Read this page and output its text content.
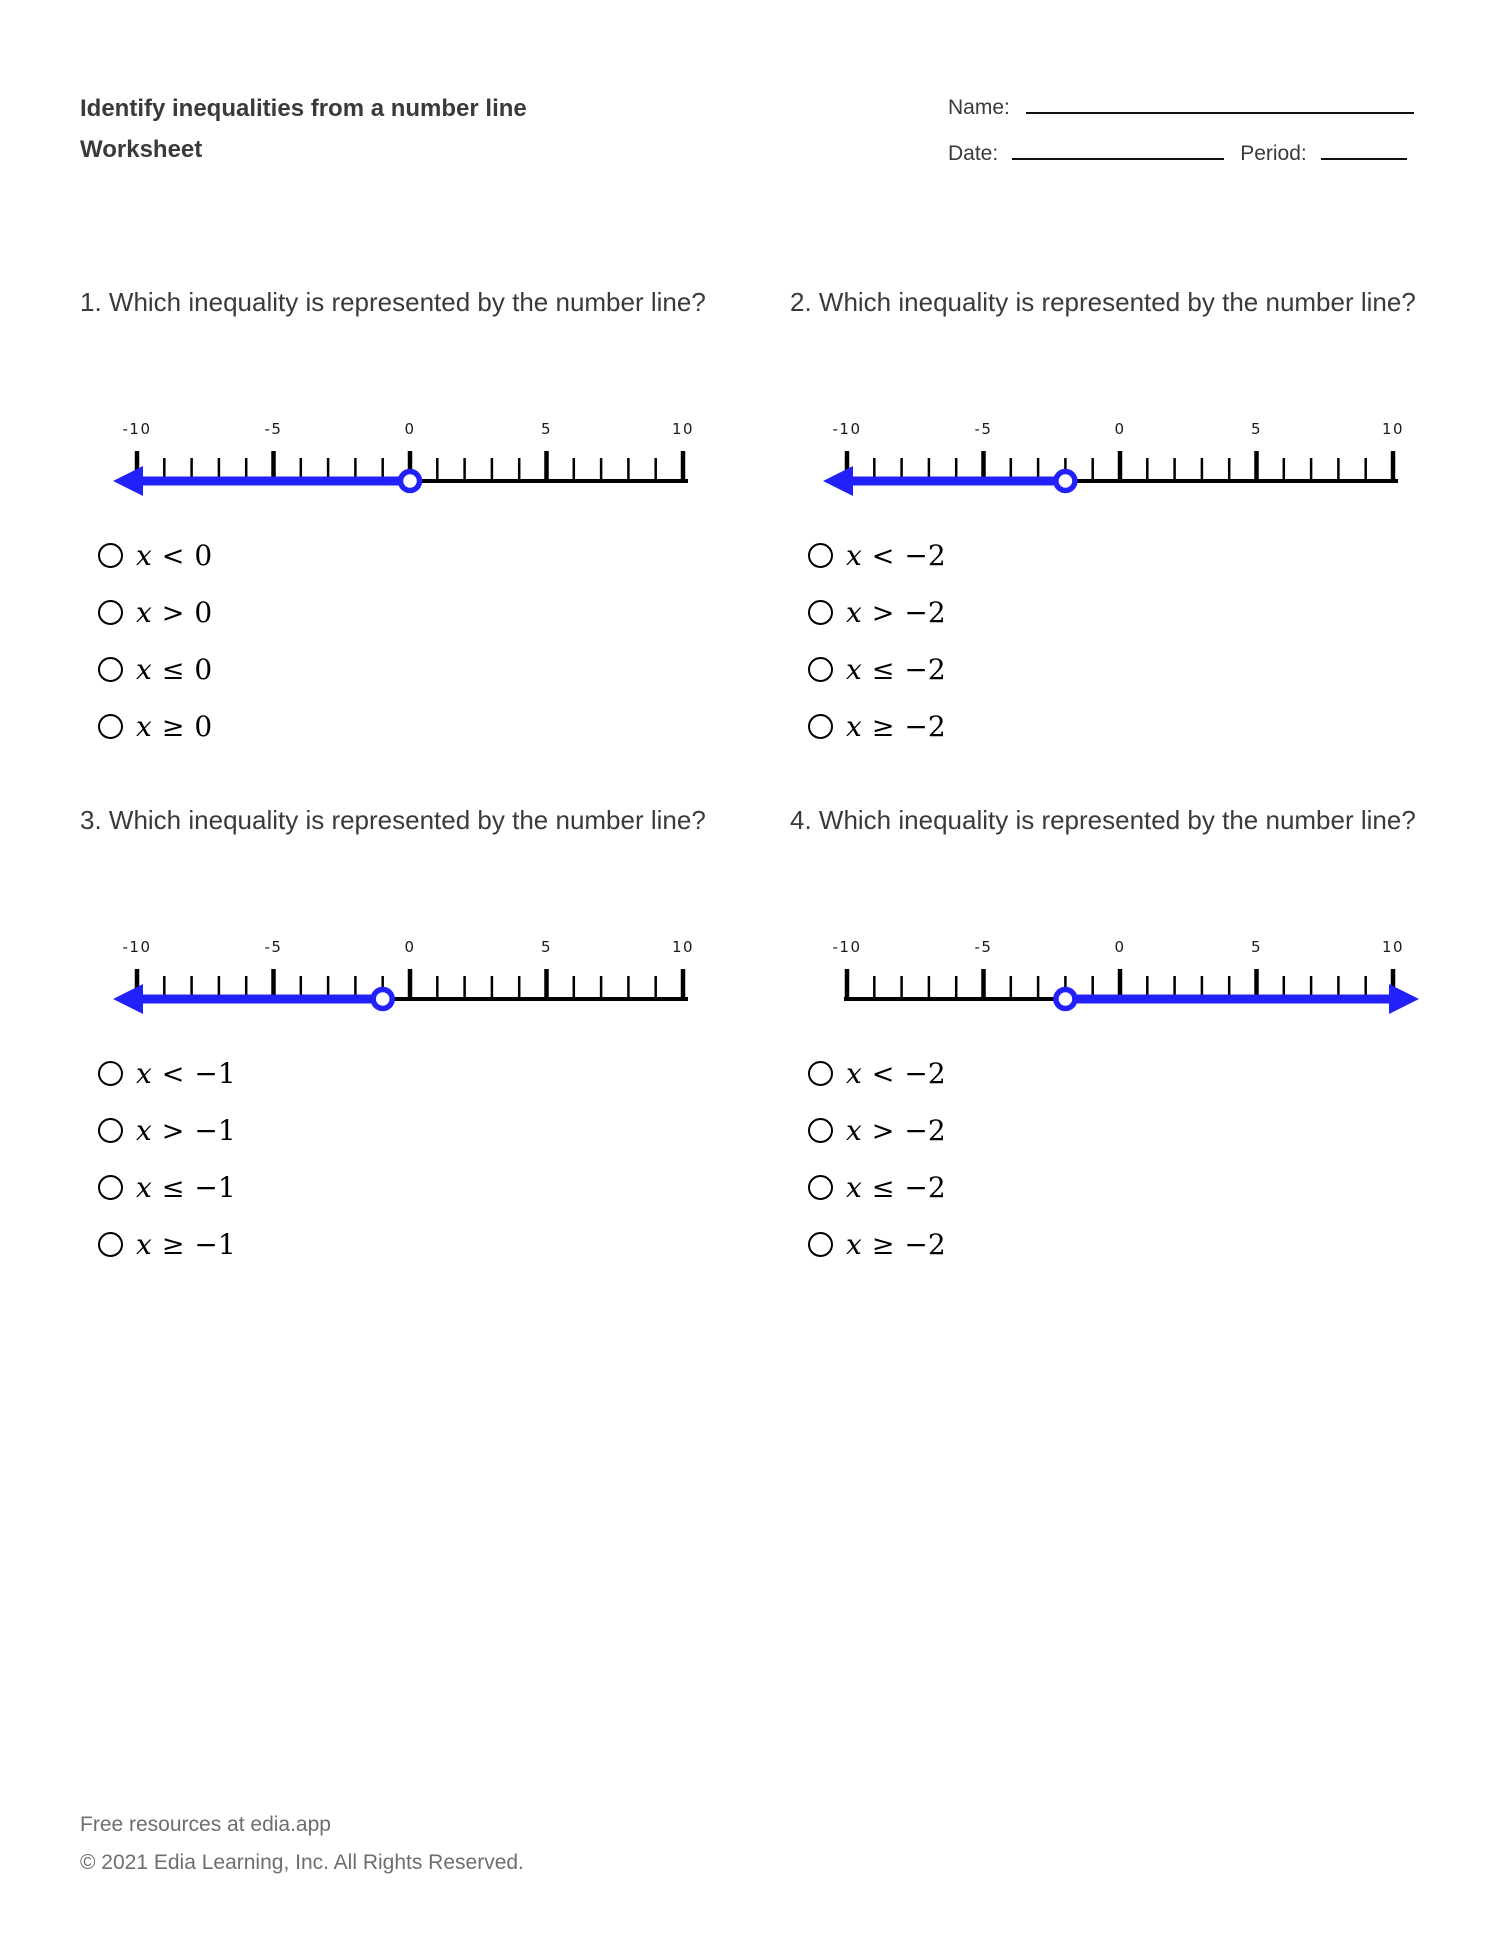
Identify inequalities from a number line
Worksheet
Name:
Date:	Period:

1. Which inequality is represented by the number line?

-10	-5	0	5	10
x < 0
x > 0
x ≤ 0
x ≥ 0

2. Which inequality is represented by the number line?

-10	-5	0	5	10
x < −2
x > −2
x ≤ −2
x ≥ −2

3. Which inequality is represented by the number line?

-10	-5	0	5	10
x < −1
x > −1
x ≤ −1
x ≥ −1

4. Which inequality is represented by the number line?

-10	-5	0	5	10
x < −2
x > −2
x ≤ −2
x ≥ −2
Free resources at edia.app
© 2021 Edia Learning, Inc. All Rights Reserved.
